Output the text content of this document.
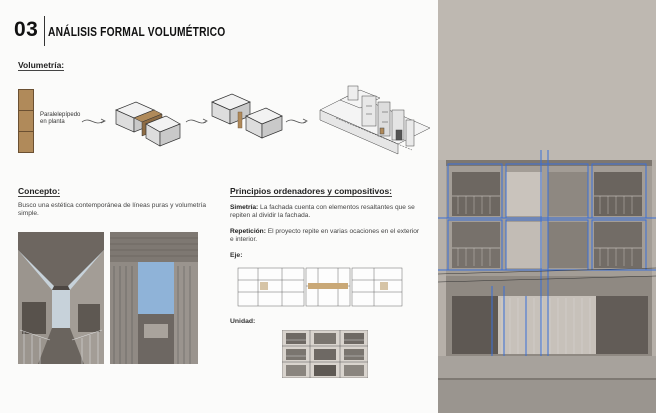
03 ANÁLISIS FORMAL VOLUMÉTRICO
Volumetría:
Paralelepípedo
en planta
Concepto:
Busco una estética contemporánea de líneas puras y volumetría
simple.
Principios ordenadores y compositivos:
Simetría: La fachada cuenta con elementos resaltantes que se
repiten al dividir la fachada.
Repetición: El proyecto repite en varias ocaciones en el exterior
e interior.
Eje:
Unidad:
